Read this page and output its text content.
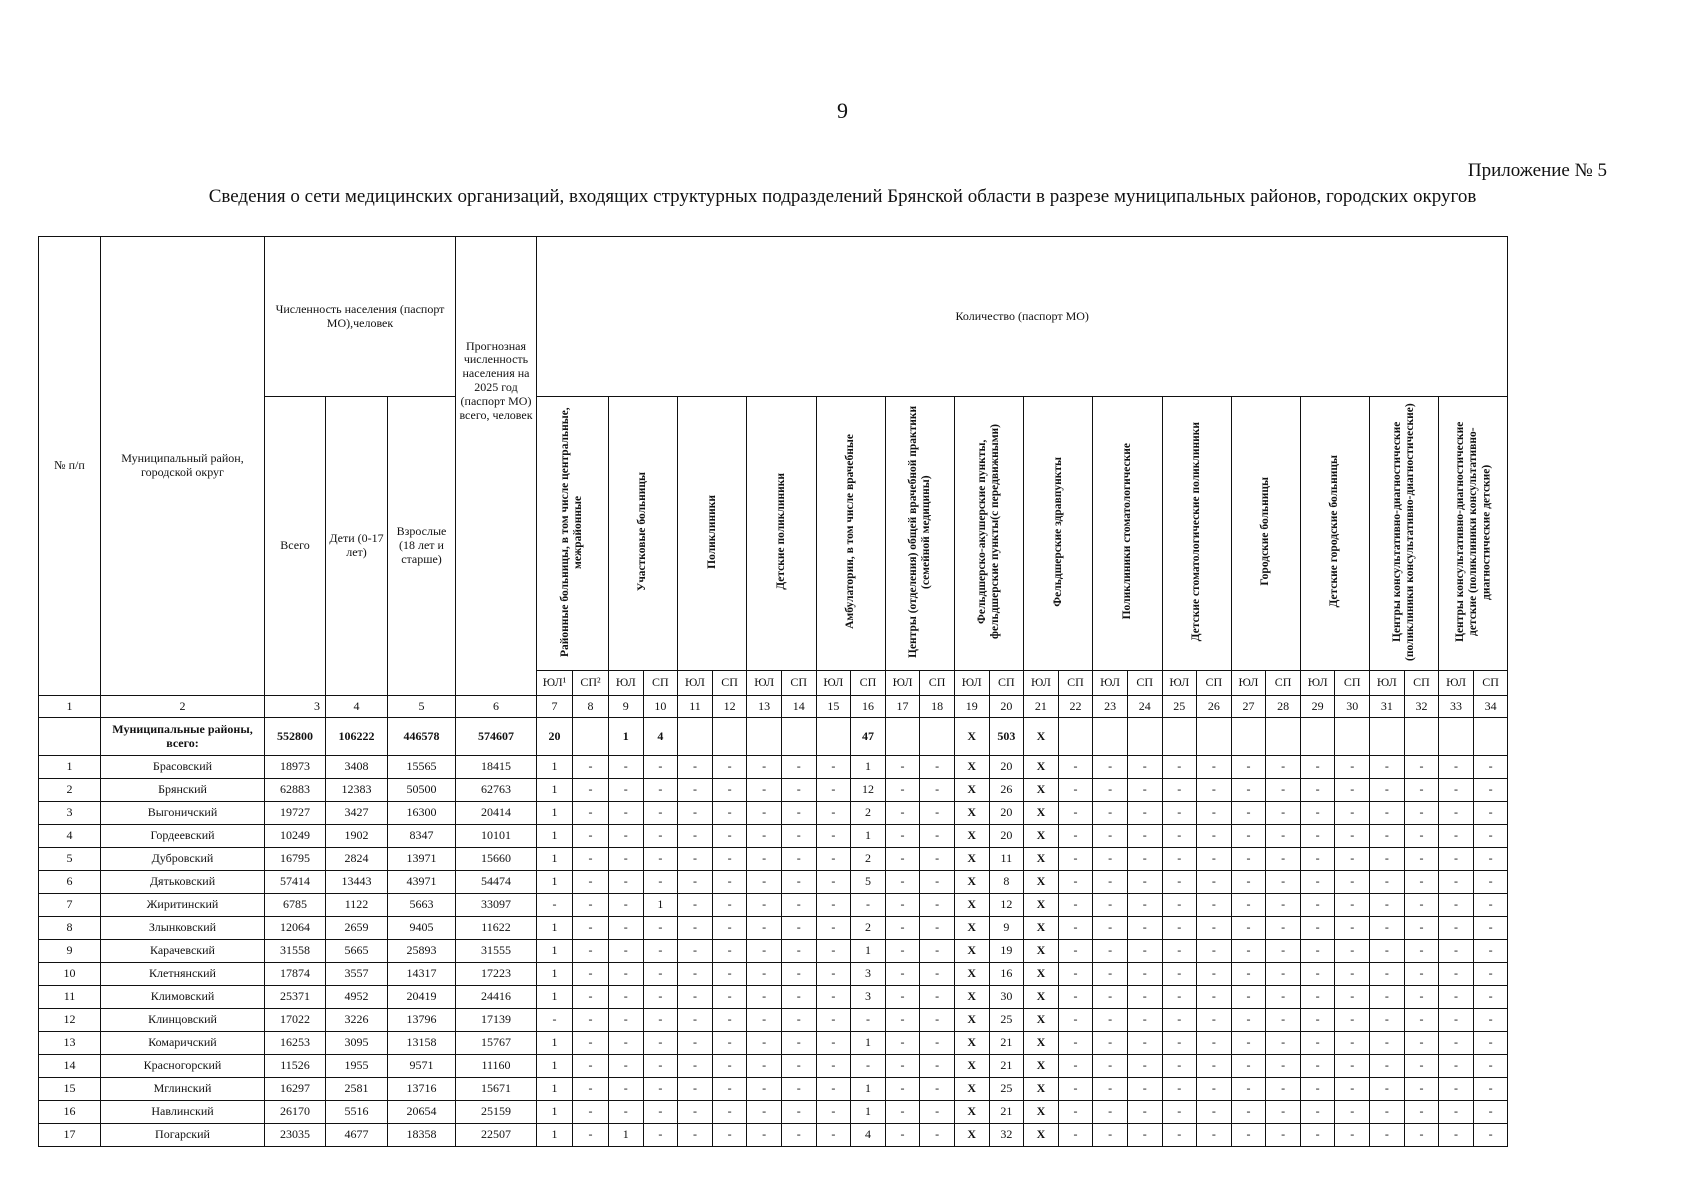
9
Приложение № 5
Сведения о сети медицинских организаций, входящих структурных подразделений Брянской области в разрезе муниципальных районов, городских округов
№ п/п	Муниципальный район, городской округ	Численность населения (паспорт МО),человек			Прогнозная численность населения на 2025 год (паспорт МО) всего, человек	Количество (паспорт МО)																											
		Всего	Дети (0-17 лет)	Взрослые (18 лет и старше)		Районные больницы, в том числе центральные, межрайонные		Участковые больницы		Поликлиники		Детские поликлиники		Амбулатории, в том числе врачебные		Центры (отделения) общей врачебной практики (семейной медицины)		Фельдшерско-акушерские пункты, фельдшерские пункты(с передвижными)		Фельдшерские здравпункты		Поликлиники стоматологические		Детские стоматологические поликлиники		Городские больницы		Детские городские больницы		Центры консультативно-диагностические (поликлиники консультативно-диагностические)		Центры консультативно-диагностические детские (поликлиники консультативно-диагностические детские)	
						ЮЛ¹	СП²	ЮЛ	СП	ЮЛ	СП	ЮЛ	СП	ЮЛ	СП	ЮЛ	СП	ЮЛ	СП	ЮЛ	СП	ЮЛ	СП	ЮЛ	СП	ЮЛ	СП	ЮЛ	СП	ЮЛ	СП	ЮЛ	СП
1	2	3	4	5	6	7	8	9	10	11	12	13	14	15	16	17	18	19	20	21	22	23	24	25	26	27	28	29	30	31	32	33	34
	Муниципальные районы, всего:	552800	106222	446578	574607	20		1	4						47			X	503	X													
1	Брасовский	18973	3408	15565	18415	1	-	-	-	-	-	-	-	-	1	-	-	X	20	X	-	-	-	-	-	-	-	-	-	-	-	-	-
2	Брянский	62883	12383	50500	62763	1	-	-	-	-	-	-	-	-	12	-	-	X	26	X	-	-	-	-	-	-	-	-	-	-	-	-	-
3	Выгоничский	19727	3427	16300	20414	1	-	-	-	-	-	-	-	-	2	-	-	X	20	X	-	-	-	-	-	-	-	-	-	-	-	-	-
4	Гордеевский	10249	1902	8347	10101	1	-	-	-	-	-	-	-	-	1	-	-	X	20	X	-	-	-	-	-	-	-	-	-	-	-	-	-
5	Дубровский	16795	2824	13971	15660	1	-	-	-	-	-	-	-	-	2	-	-	X	11	X	-	-	-	-	-	-	-	-	-	-	-	-	-
6	Дятьковский	57414	13443	43971	54474	1	-	-	-	-	-	-	-	-	5	-	-	X	8	X	-	-	-	-	-	-	-	-	-	-	-	-	-
7	Жиритинский	6785	1122	5663	33097	-	-	-	1	-	-	-	-	-	-	-	-	X	12	X	-	-	-	-	-	-	-	-	-	-	-	-	-
8	Злынковский	12064	2659	9405	11622	1	-	-	-	-	-	-	-	-	2	-	-	X	9	X	-	-	-	-	-	-	-	-	-	-	-	-	-
9	Карачевский	31558	5665	25893	31555	1	-	-	-	-	-	-	-	-	1	-	-	X	19	X	-	-	-	-	-	-	-	-	-	-	-	-	-
10	Клетнянский	17874	3557	14317	17223	1	-	-	-	-	-	-	-	-	3	-	-	X	16	X	-	-	-	-	-	-	-	-	-	-	-	-	-
11	Климовский	25371	4952	20419	24416	1	-	-	-	-	-	-	-	-	3	-	-	X	30	X	-	-	-	-	-	-	-	-	-	-	-	-	-
12	Клинцовский	17022	3226	13796	17139	-	-	-	-	-	-	-	-	-	-	-	-	X	25	X	-	-	-	-	-	-	-	-	-	-	-	-	-
13	Комаричский	16253	3095	13158	15767	1	-	-	-	-	-	-	-	-	1	-	-	X	21	X	-	-	-	-	-	-	-	-	-	-	-	-	-
14	Красногорский	11526	1955	9571	11160	1	-	-	-	-	-	-	-	-	-	-	-	X	21	X	-	-	-	-	-	-	-	-	-	-	-	-	-
15	Мглинский	16297	2581	13716	15671	1	-	-	-	-	-	-	-	-	1	-	-	X	25	X	-	-	-	-	-	-	-	-	-	-	-	-	-
16	Навлинский	26170	5516	20654	25159	1	-	-	-	-	-	-	-	-	1	-	-	X	21	X	-	-	-	-	-	-	-	-	-	-	-	-	-
17	Погарский	23035	4677	18358	22507	1	-	1	-	-	-	-	-	-	4	-	-	X	32	X	-	-	-	-	-	-	-	-	-	-	-	-	-
